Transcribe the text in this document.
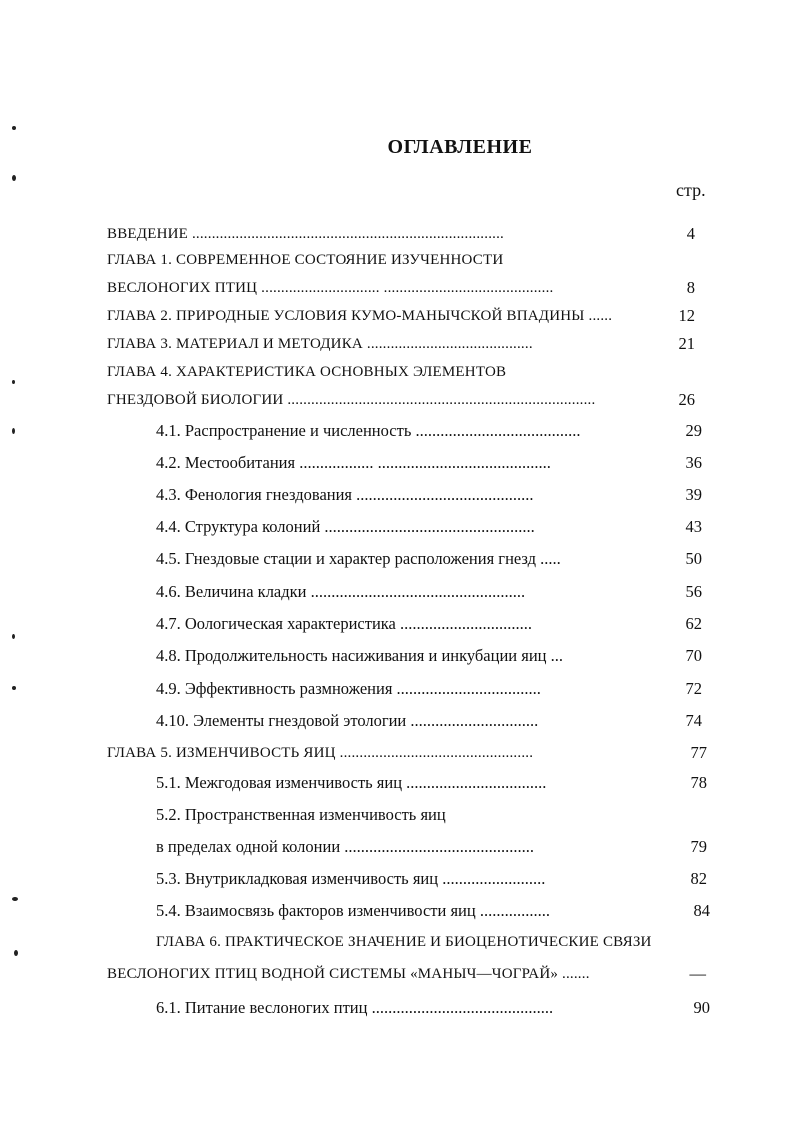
ОГЛАВЛЕНИЕ
стр.
ВВЕДЕНИЕ ...............................................................................	4
ГЛАВА 1. СОВРЕМЕННОЕ СОСТОЯНИЕ ИЗУЧЕННОСТИ
ВЕСЛОНОГИХ ПТИЦ .............................. ...........................................	8
ГЛАВА 2. ПРИРОДНЫЕ УСЛОВИЯ КУМО-МАНЫЧСКОЙ ВПАДИНЫ ......	12
ГЛАВА 3. МАТЕРИАЛ И МЕТОДИКА ..........................................	21
ГЛАВА 4. ХАРАКТЕРИСТИКА ОСНОВНЫХ ЭЛЕМЕНТОВ
ГНЕЗДОВОЙ БИОЛОГИИ ..............................................................................	26
4.1. Распространение и численность ........................................	29
4.2. Местообитания .................. ..........................................	36
4.3. Фенология гнездования ...........................................	39
4.4. Структура колоний ...................................................	43
4.5. Гнездовые стации и характер расположения гнезд .....	50
4.6. Величина кладки ....................................................	56
4.7. Оологическая характеристика ................................	62
4.8. Продолжительность насиживания и инкубации яиц ...	70
4.9. Эффективность размножения ...................................	72
4.10. Элементы гнездовой этологии ...............................	74
ГЛАВА 5. ИЗМЕНЧИВОСТЬ ЯИЦ .................................................	77
5.1. Межгодовая изменчивость яиц ..................................	78
5.2. Пространственная изменчивость яиц
в пределах одной колонии ..............................................	79
5.3. Внутрикладковая изменчивость яиц .........................	82
5.4. Взаимосвязь факторов изменчивости яиц .................	84
ГЛАВА 6. ПРАКТИЧЕСКОЕ ЗНАЧЕНИЕ И БИОЦЕНОТИЧЕСКИЕ СВЯЗИ
ВЕСЛОНОГИХ ПТИЦ ВОДНОЙ СИСТЕМЫ «МАНЫЧ—ЧОГРАЙ» .......	—
6.1. Питание веслоногих птиц ............................................	90
